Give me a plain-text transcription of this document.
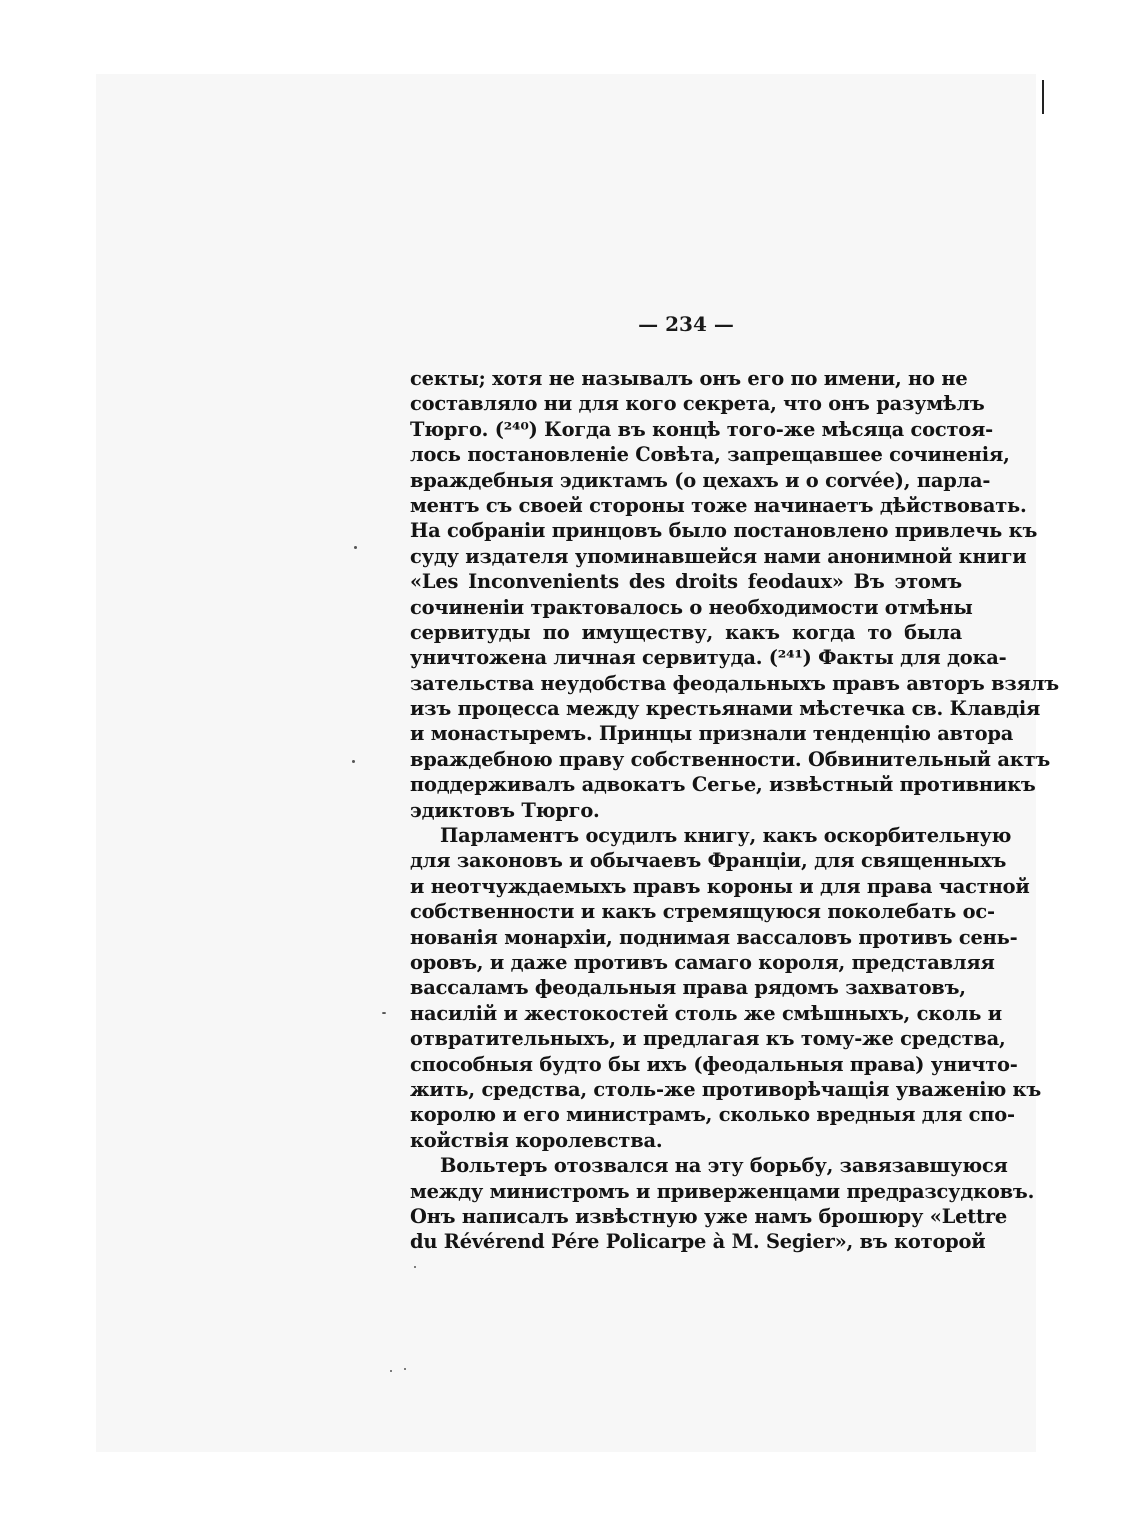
— 234 —
секты; хотя не называлъ онъ его по имени, но не
составляло ни для кого секрета, что онъ разумѣлъ
Тюрго. (²⁴⁰) Когда въ концѣ того-же мѣсяца состоя-
лось постановленіе Совѣта, запрещавшее сочиненія,
враждебныя эдиктамъ (о цехахъ и о corvée), парла-
ментъ съ своей стороны тоже начинаетъ дѣйствовать.
На собраніи принцовъ было постановлено привлечь къ
суду издателя упоминавшейся нами анонимной книги
«Les Inconvenients des droits feodaux» Въ этомъ
сочиненіи трактовалось о необходимости отмѣны
сервитуды по имуществу, какъ когда то была
уничтожена личная сервитуда. (²⁴¹) Факты для дока-
зательства неудобства феодальныхъ правъ авторъ взялъ
изъ процесса между крестьянами мѣстечка св. Клавдія
и монастыремъ. Принцы признали тенденцію автора
враждебною праву собственности. Обвинительный актъ
поддерживалъ адвокатъ Сегье, извѣстный противникъ
эдиктовъ Тюрго.
Парламентъ осудилъ книгу, какъ оскорбительную
для законовъ и обычаевъ Франціи, для священныхъ
и неотчуждаемыхъ правъ короны и для права частной
собственности и какъ стремящуюся поколебать ос-
нованія монархіи, поднимая вассаловъ противъ сень-
оровъ, и даже противъ самаго короля, представляя
вассаламъ феодальныя права рядомъ захватовъ,
насилій и жестокостей столь же смѣшныхъ, сколь и
отвратительныхъ, и предлагая къ тому-же средства,
способныя будто бы ихъ (феодальныя права) уничто-
жить, средства, столь-же противорѣчащія уваженію къ
королю и его министрамъ, сколько вредныя для спо-
койствія королевства.
Вольтеръ отозвался на эту борьбу, завязавшуюся
между министромъ и приверженцами предразсудковъ.
Онъ написалъ извѣстную уже намъ брошюру «Lettre
du Révérend Pére Policarpe à M. Segier», въ которой
